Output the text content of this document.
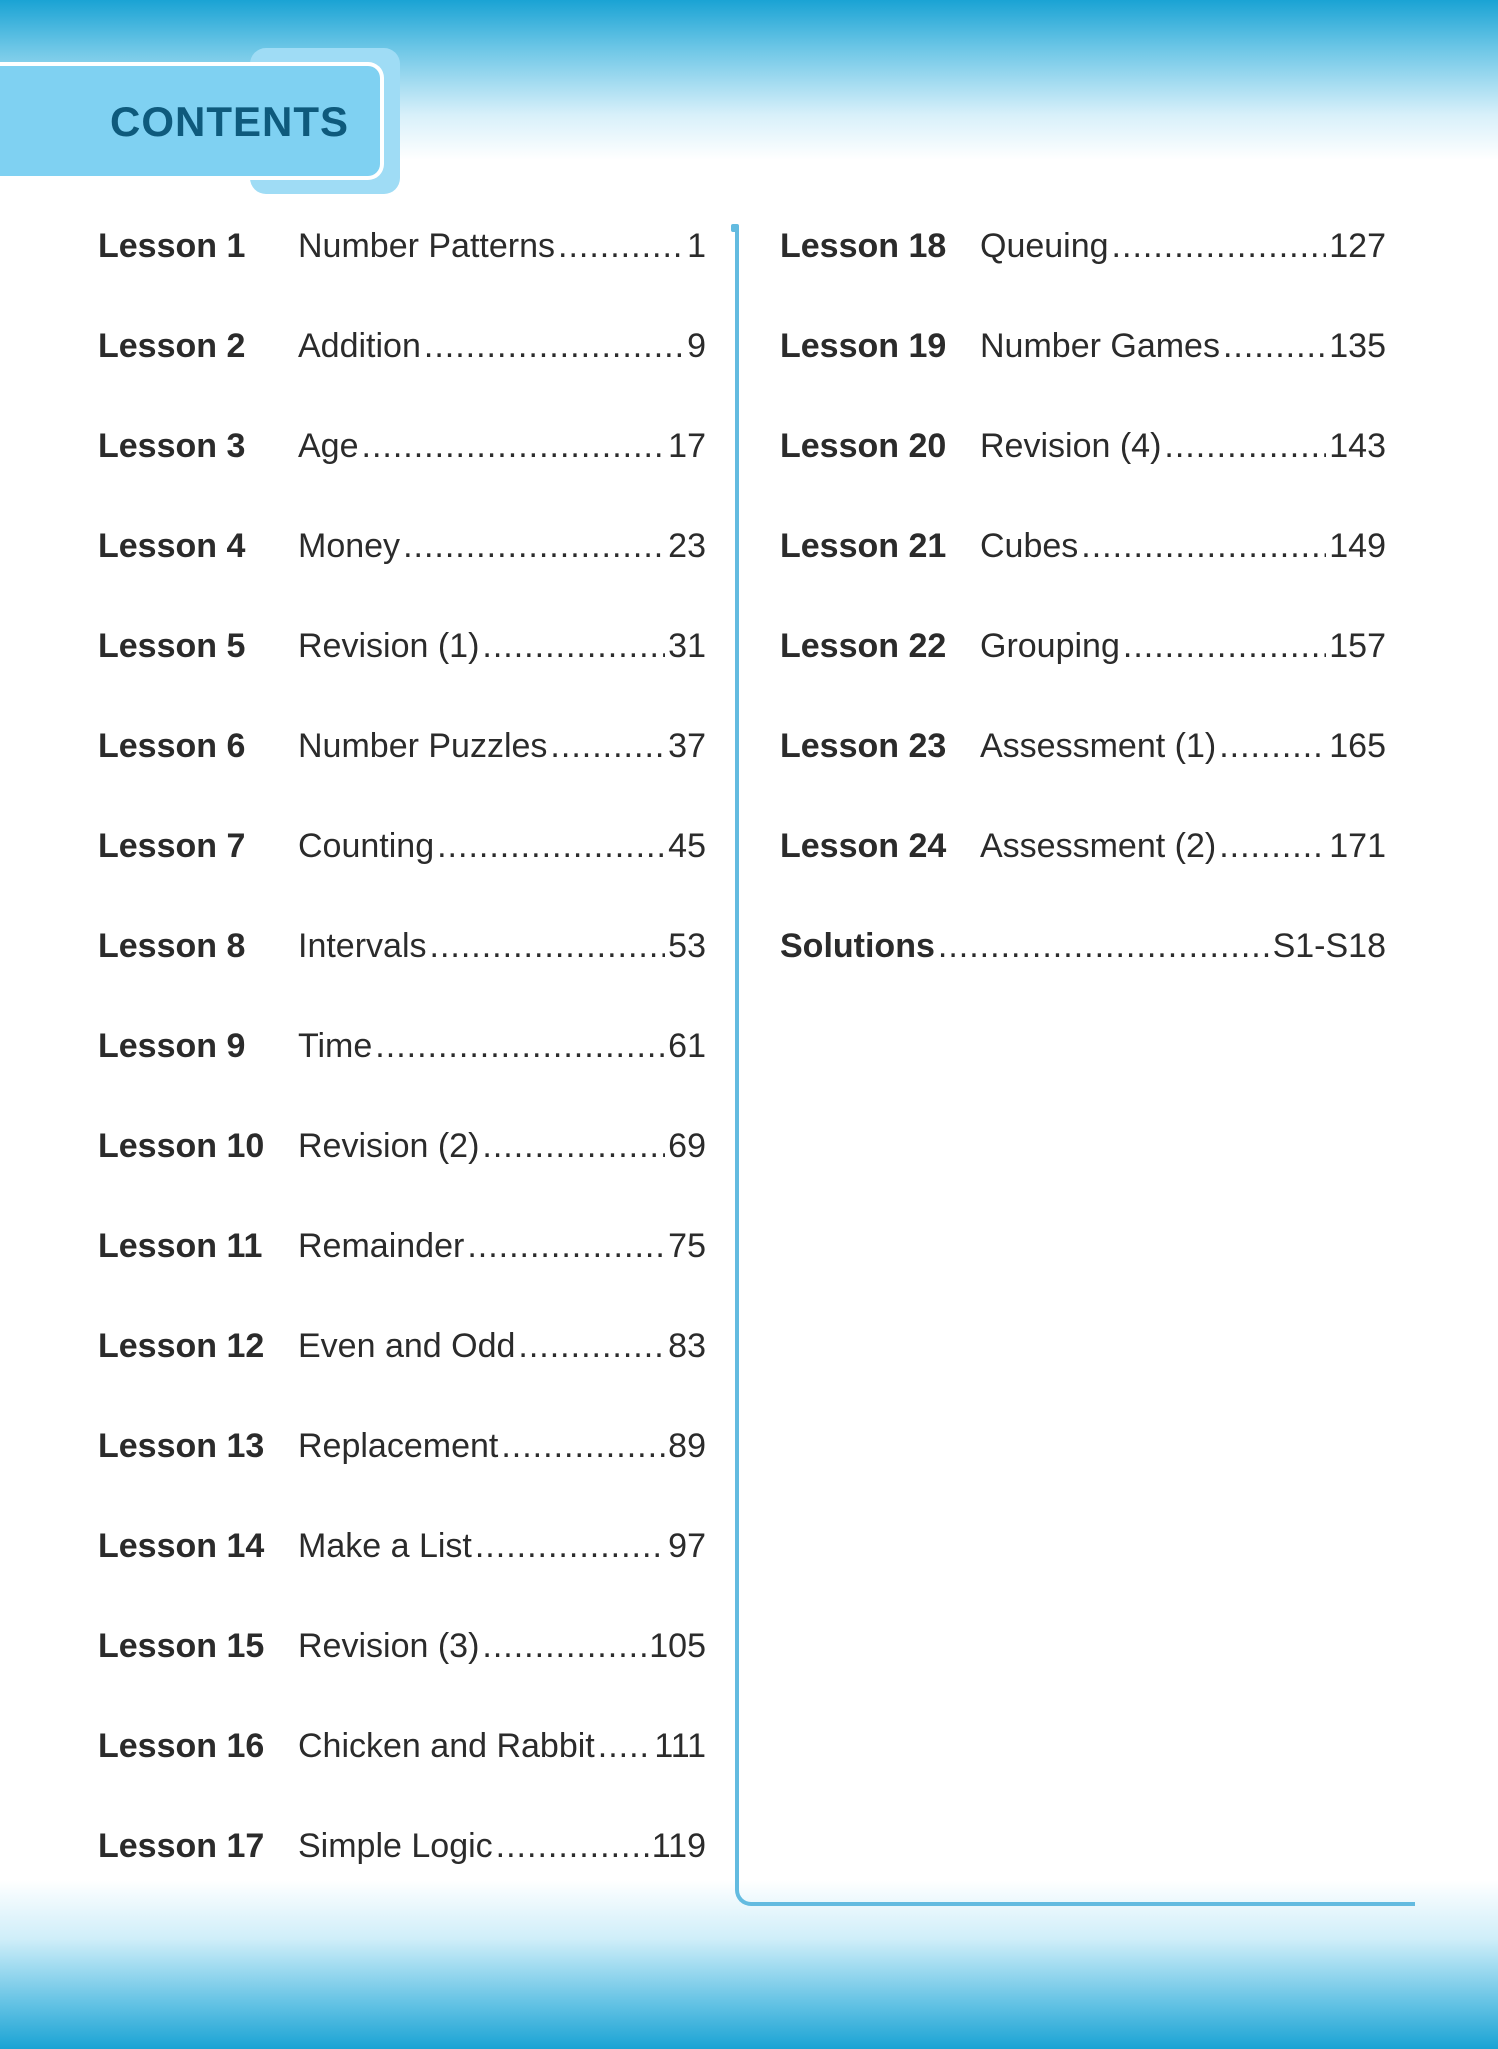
CONTENTS
Lesson 1	Number Patterns .....	1
Lesson 2	Addition .....	9
Lesson 3	Age .....	17
Lesson 4	Money .....	23
Lesson 5	Revision (1) .....	31
Lesson 6	Number Puzzles .....	37
Lesson 7	Counting .....	45
Lesson 8	Intervals .....	53
Lesson 9	Time .....	61
Lesson 10 Revision (2) .....	69
Lesson 11	Remainder .....	75
Lesson 12 Even and Odd .....	83
Lesson 13 Replacement .....	89
Lesson 14 Make a List .....	97
Lesson 15 Revision (3) .....	105
Lesson 16 Chicken and Rabbit ..... 111
Lesson 17 Simple Logic .....	119
Lesson 18 Queuing .....	127
Lesson 19 Number Games .....	135
Lesson 20 Revision (4) .....	143
Lesson 21 Cubes .....	149
Lesson 22 Grouping .....	157
Lesson 23 Assessment (1) .....	165
Lesson 24 Assessment (2) .....	171
Solutions .....	S1-S18
